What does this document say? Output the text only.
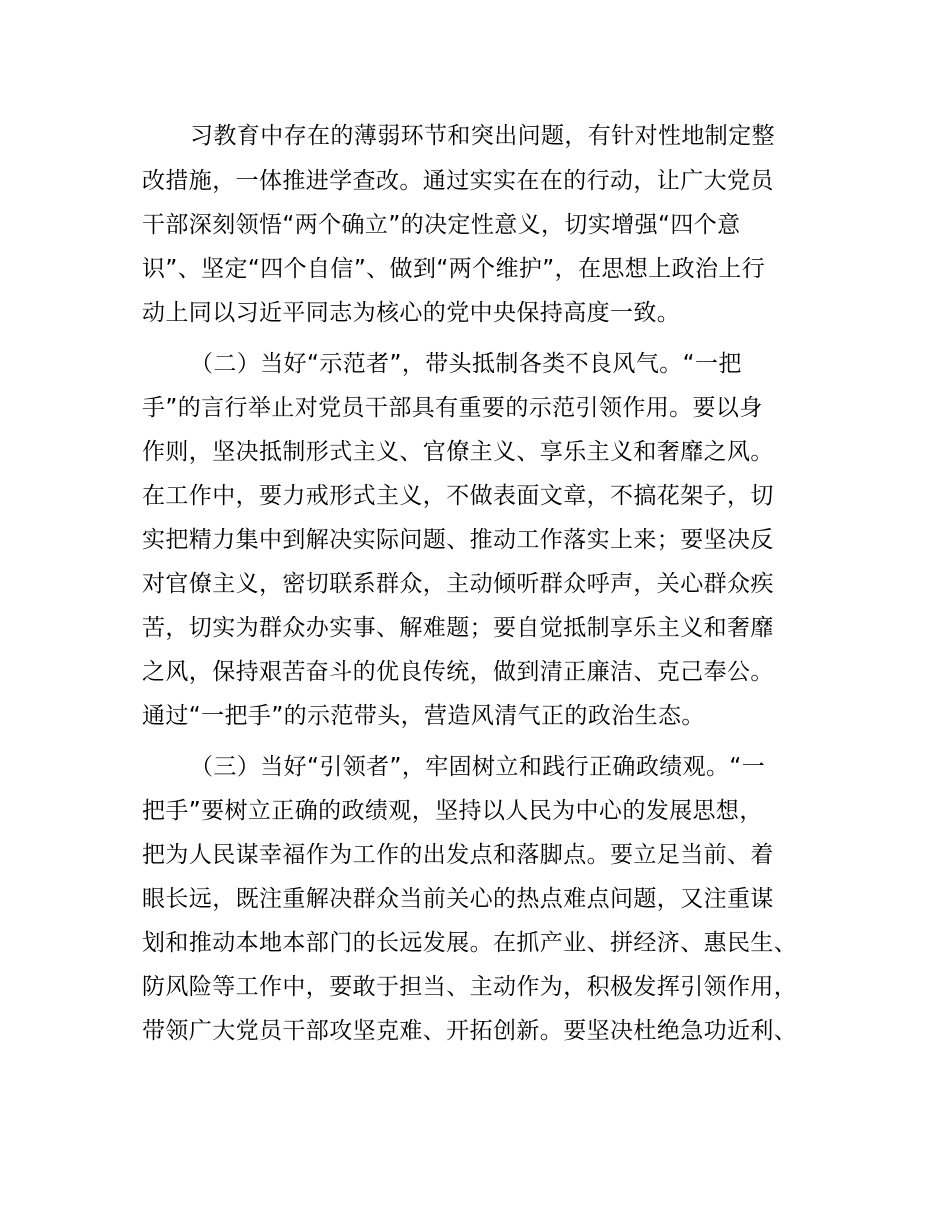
习教育中存在的薄弱环节和突出问题，有针对性地制定整
改措施，一体推进学查改。通过实实在在的行动，让广大党员
干部深刻领悟“两个确立”的决定性意义，切实增强“四个意
识”、坚定“四个自信”、做到“两个维护”，在思想上政治上行
动上同以习近平同志为核心的党中央保持高度一致。
（二）当好“示范者”，带头抵制各类不良风气。“一把
手”的言行举止对党员干部具有重要的示范引领作用。要以身
作则，坚决抵制形式主义、官僚主义、享乐主义和奢靡之风。
在工作中，要力戒形式主义，不做表面文章，不搞花架子，切
实把精力集中到解决实际问题、推动工作落实上来；要坚决反
对官僚主义，密切联系群众，主动倾听群众呼声，关心群众疾
苦，切实为群众办实事、解难题；要自觉抵制享乐主义和奢靡
之风，保持艰苦奋斗的优良传统，做到清正廉洁、克己奉公。
通过“一把手”的示范带头，营造风清气正的政治生态。
（三）当好“引领者”，牢固树立和践行正确政绩观。“一
把手”要树立正确的政绩观，坚持以人民为中心的发展思想，
把为人民谋幸福作为工作的出发点和落脚点。要立足当前、着
眼长远，既注重解决群众当前关心的热点难点问题，又注重谋
划和推动本地本部门的长远发展。在抓产业、拼经济、惠民生、
防风险等工作中，要敢于担当、主动作为，积极发挥引领作用，
带领广大党员干部攻坚克难、开拓创新。要坚决杜绝急功近利、
